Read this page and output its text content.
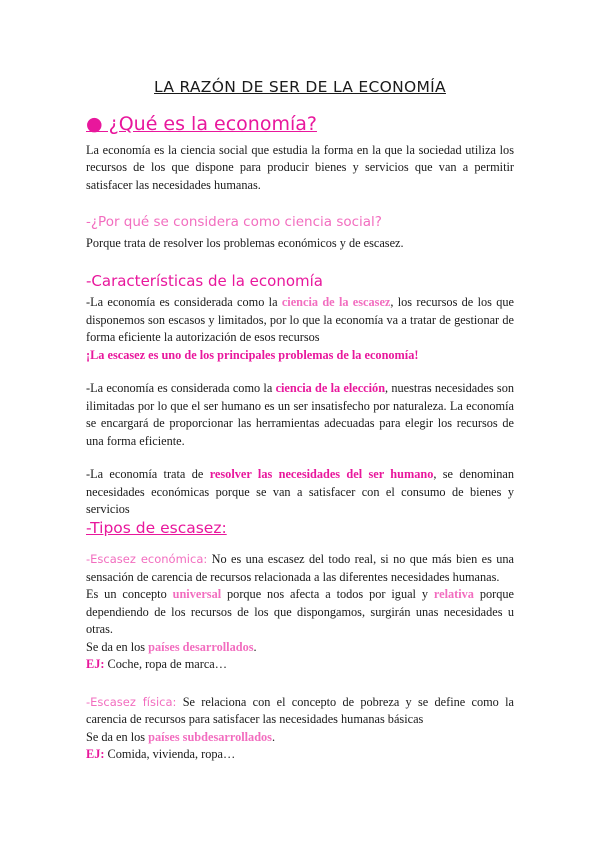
LA RAZÓN DE SER DE LA ECONOMÍA
● ¿Qué es la economía?

La economía es la ciencia social que estudia la forma en la que la sociedad utiliza los recursos de los que dispone para producir bienes y servicios que van a permitir satisfacer las necesidades humanas.

-¿Por qué se considera como ciencia social?

Porque trata de resolver los problemas económicos y de escasez.

-Características de la economía

-La economía es considerada como la ciencia de la escasez, los recursos de los que disponemos son escasos y limitados, por lo que la economía va a tratar de gestionar de forma eficiente la autorización de esos recursos

¡La escasez es uno de los principales problemas de la economía!

-La economía es considerada como la ciencia de la elección, nuestras necesidades son ilimitadas por lo que el ser humano es un ser insatisfecho por naturaleza. La economía se encargará de proporcionar las herramientas adecuadas para elegir los recursos de una forma eficiente.

-La economía trata de resolver las necesidades del ser humano, se denominan necesidades económicas porque se van a satisfacer con el consumo de bienes y servicios

-Tipos de escasez:

-Escasez económica: No es una escasez del todo real, si no que más bien es una sensación de carencia de recursos relacionada a las diferentes necesidades humanas.

Es un concepto universal porque nos afecta a todos por igual y relativa porque dependiendo de los recursos de los que dispongamos, surgirán unas necesidades u otras.

Se da en los países desarrollados.

EJ: Coche, ropa de marca…

-Escasez física: Se relaciona con el concepto de pobreza y se define como la carencia de recursos para satisfacer las necesidades humanas básicas

Se da en los países subdesarrollados.

EJ: Comida, vivienda, ropa…
